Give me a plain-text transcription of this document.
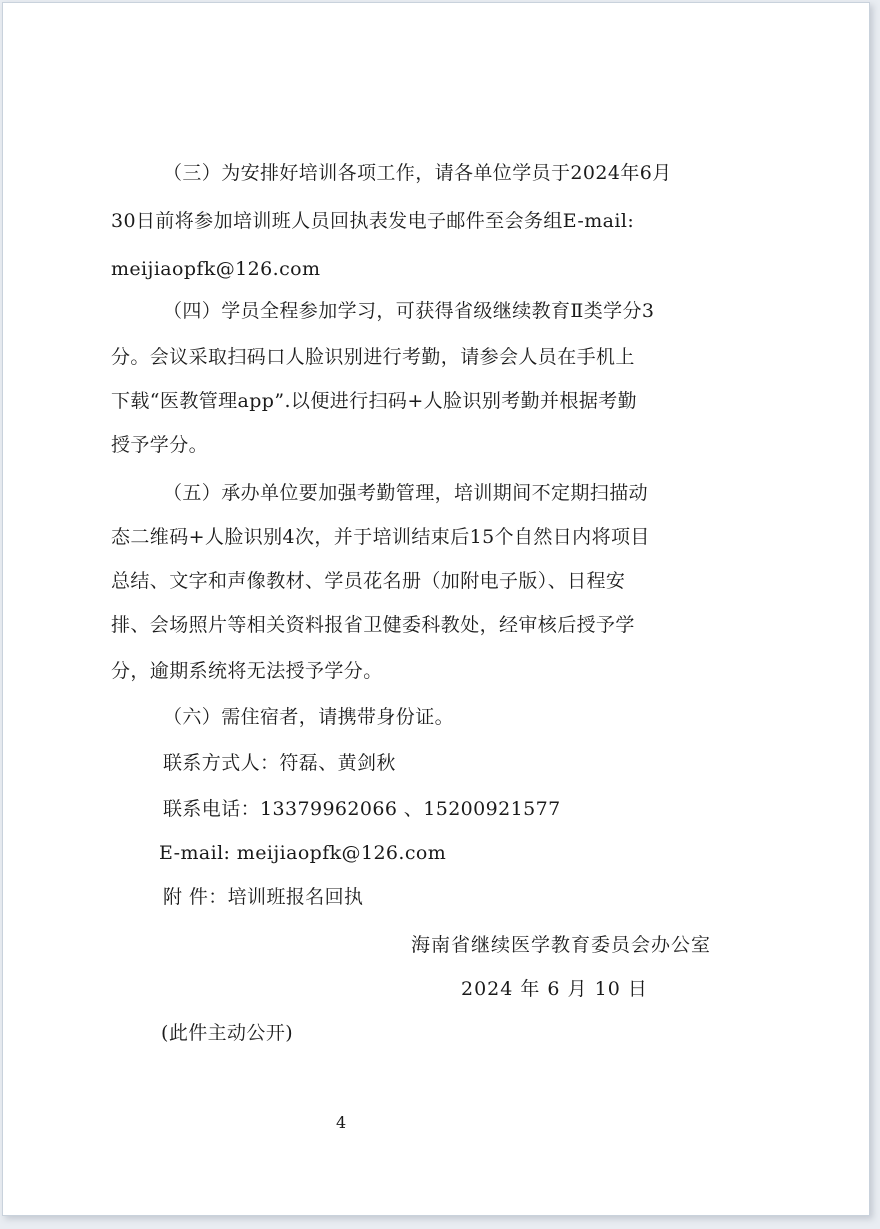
（三）为安排好培训各项工作，请各单位学员于2024年6月
30日前将参加培训班人员回执表发电子邮件至会务组E-mail:
meijiaopfk@126.com
（四）学员全程参加学习，可获得省级继续教育Ⅱ类学分3
分。会议采取扫码口人脸识别进行考勤，请参会人员在手机上
下载“医教管理app”.以便进行扫码+人脸识别考勤并根据考勤
授予学分。
（五）承办单位要加强考勤管理，培训期间不定期扫描动
态二维码+人脸识别4次，并于培训结束后15个自然日内将项目
总结、文字和声像教材、学员花名册（加附电子版）、日程安
排、会场照片等相关资料报省卫健委科教处，经审核后授予学
分，逾期系统将无法授予学分。
（六）需住宿者，请携带身份证。
联系方式人：符磊、黄剑秋
联系电话：13379962066 、15200921577
E-mail: meijiaopfk@126.com
附 件：培训班报名回执
海南省继续医学教育委员会办公室
2024 年 6 月 10 日
(此件主动公开)
4
